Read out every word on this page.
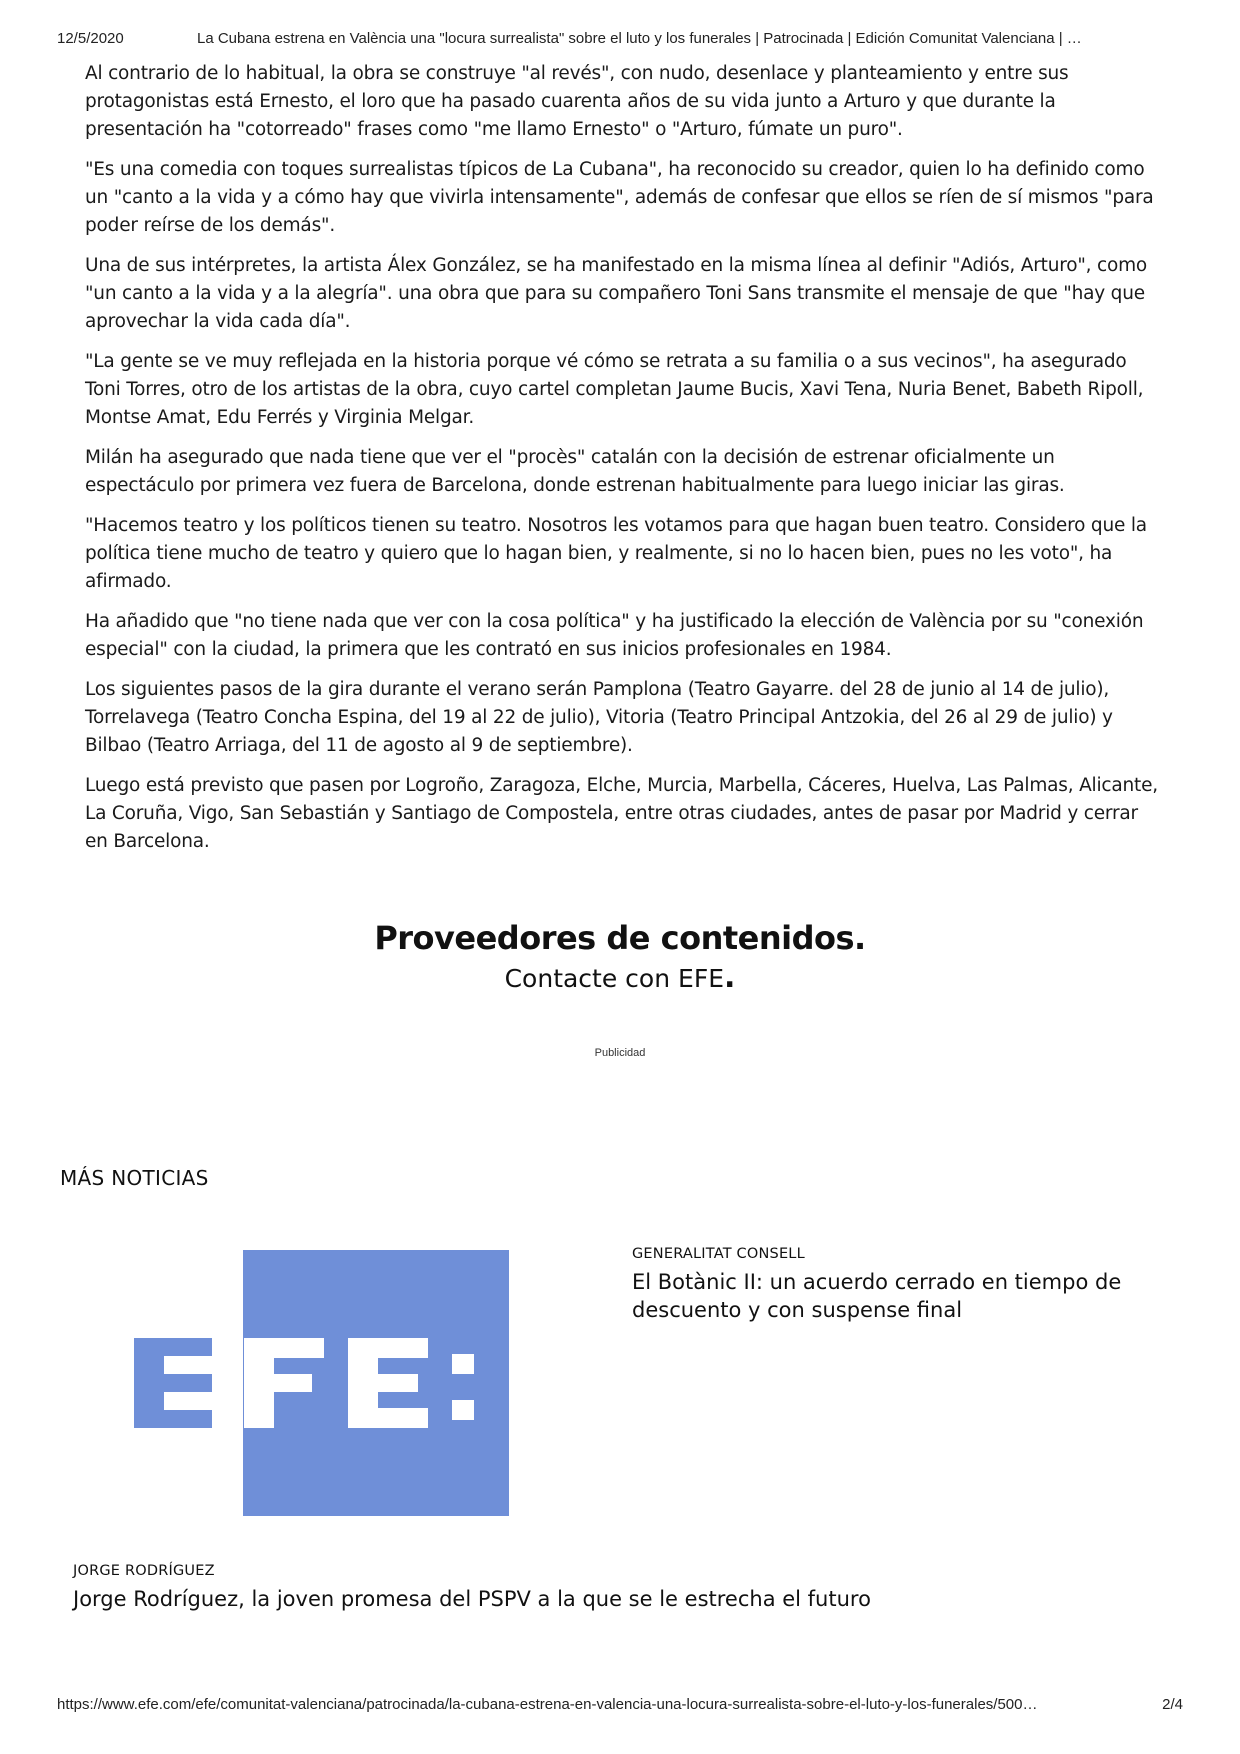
12/5/2020	La Cubana estrena en València una "locura surrealista" sobre el luto y los funerales | Patrocinada | Edición Comunitat Valenciana | …

Al contrario de lo habitual, la obra se construye "al revés", con nudo, desenlace y planteamiento y entre sus protagonistas está Ernesto, el loro que ha pasado cuarenta años de su vida junto a Arturo y que durante la presentación ha "cotorreado" frases como "me llamo Ernesto" o "Arturo, fúmate un puro".

"Es una comedia con toques surrealistas típicos de La Cubana", ha reconocido su creador, quien lo ha definido como un "canto a la vida y a cómo hay que vivirla intensamente", además de confesar que ellos se ríen de sí mismos "para poder reírse de los demás".

Una de sus intérpretes, la artista Álex González, se ha manifestado en la misma línea al definir "Adiós, Arturo", como "un canto a la vida y a la alegría". una obra que para su compañero Toni Sans transmite el mensaje de que "hay que aprovechar la vida cada día".

"La gente se ve muy reflejada en la historia porque vé cómo se retrata a su familia o a sus vecinos", ha asegurado Toni Torres, otro de los artistas de la obra, cuyo cartel completan Jaume Bucis, Xavi Tena, Nuria Benet, Babeth Ripoll, Montse Amat, Edu Ferrés y Virginia Melgar.

Milán ha asegurado que nada tiene que ver el "procès" catalán con la decisión de estrenar oficialmente un espectáculo por primera vez fuera de Barcelona, donde estrenan habitualmente para luego iniciar las giras.

"Hacemos teatro y los políticos tienen su teatro. Nosotros les votamos para que hagan buen teatro. Considero que la política tiene mucho de teatro y quiero que lo hagan bien, y realmente, si no lo hacen bien, pues no les voto", ha afirmado.

Ha añadido que "no tiene nada que ver con la cosa política" y ha justificado la elección de València por su "conexión especial" con la ciudad, la primera que les contrató en sus inicios profesionales en 1984.

Los siguientes pasos de la gira durante el verano serán Pamplona (Teatro Gayarre. del 28 de junio al 14 de julio), Torrelavega (Teatro Concha Espina, del 19 al 22 de julio), Vitoria (Teatro Principal Antzokia, del 26 al 29 de julio) y Bilbao (Teatro Arriaga, del 11 de agosto al 9 de septiembre).

Luego está previsto que pasen por Logroño, Zaragoza, Elche, Murcia, Marbella, Cáceres, Huelva, Las Palmas, Alicante, La Coruña, Vigo, San Sebastián y Santiago de Compostela, entre otras ciudades, antes de pasar por Madrid y cerrar en Barcelona.

Proveedores de contenidos.
Contacte con EFE.
Publicidad
MÁS NOTICIAS
GENERALITAT CONSELL
El Botànic II: un acuerdo cerrado en tiempo de descuento y con suspense final
JORGE RODRÍGUEZ
Jorge Rodríguez, la joven promesa del PSPV a la que se le estrecha el futuro
https://www.efe.com/efe/comunitat-valenciana/patrocinada/la-cubana-estrena-en-valencia-una-locura-surrealista-sobre-el-luto-y-los-funerales/500…	2/4
